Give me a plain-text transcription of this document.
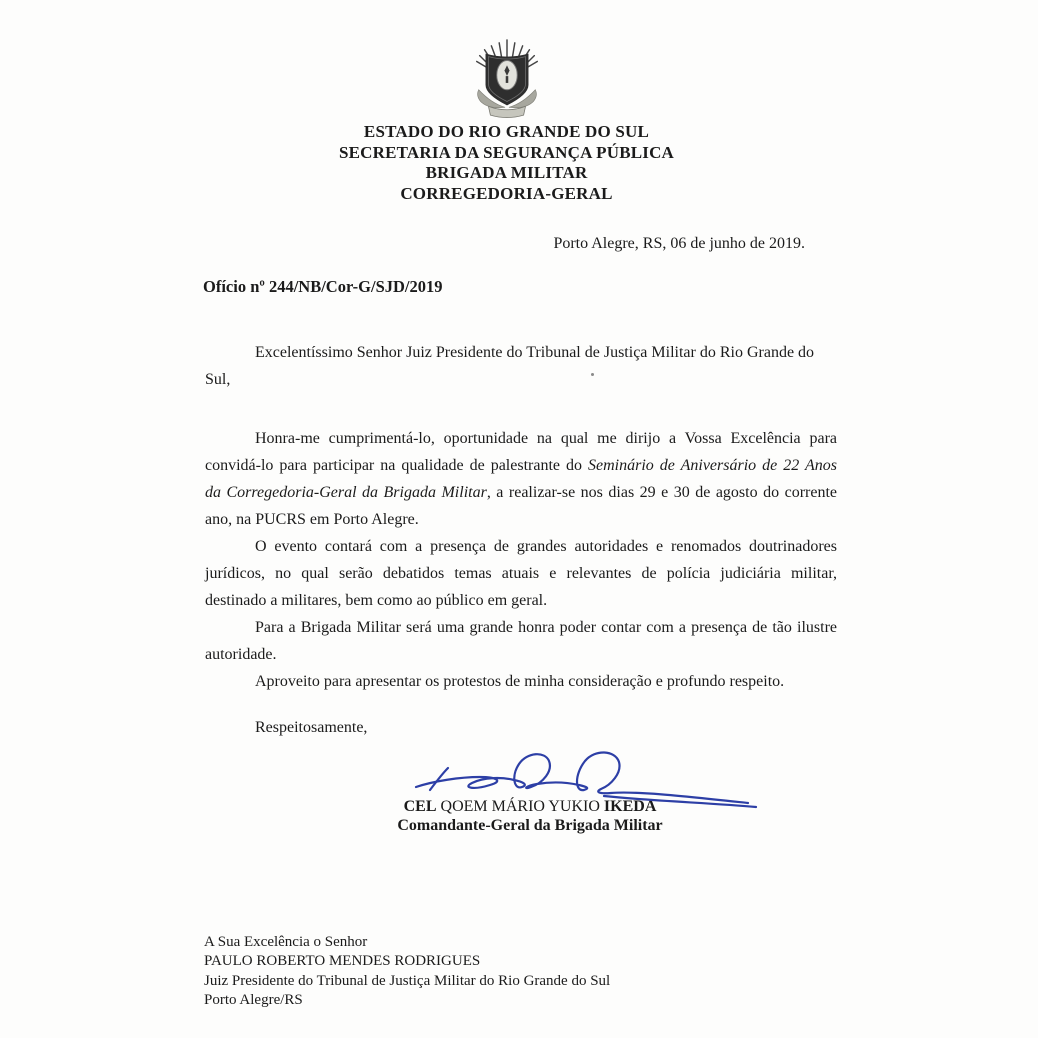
ESTADO DO RIO GRANDE DO SUL
SECRETARIA DA SEGURANÇA PÚBLICA
BRIGADA MILITAR
CORREGEDORIA-GERAL
Porto Alegre, RS, 06 de junho de 2019.
Ofício nº 244/NB/Cor-G/SJD/2019
Excelentíssimo Senhor Juiz Presidente do Tribunal de Justiça Militar do Rio Grande do
Sul,
Honra-me cumprimentá-lo, oportunidade na qual me dirijo a Vossa Excelência para
convidá-lo para participar na qualidade de palestrante do Seminário de Aniversário de 22 Anos
da Corregedoria-Geral da Brigada Militar, a realizar-se nos dias 29 e 30 de agosto do corrente
ano, na PUCRS em Porto Alegre.
O evento contará com a presença de grandes autoridades e renomados doutrinadores
jurídicos, no qual serão debatidos temas atuais e relevantes de polícia judiciária militar,
destinado a militares, bem como ao público em geral.
Para a Brigada Militar será uma grande honra poder contar com a presença de tão ilustre
autoridade.
Aproveito para apresentar os protestos de minha consideração e profundo respeito.
Respeitosamente,
CEL QOEM MÁRIO YUKIO IKEDA
Comandante-Geral da Brigada Militar
A Sua Excelência o Senhor
PAULO ROBERTO MENDES RODRIGUES
Juiz Presidente do Tribunal de Justiça Militar do Rio Grande do Sul
Porto Alegre/RS
